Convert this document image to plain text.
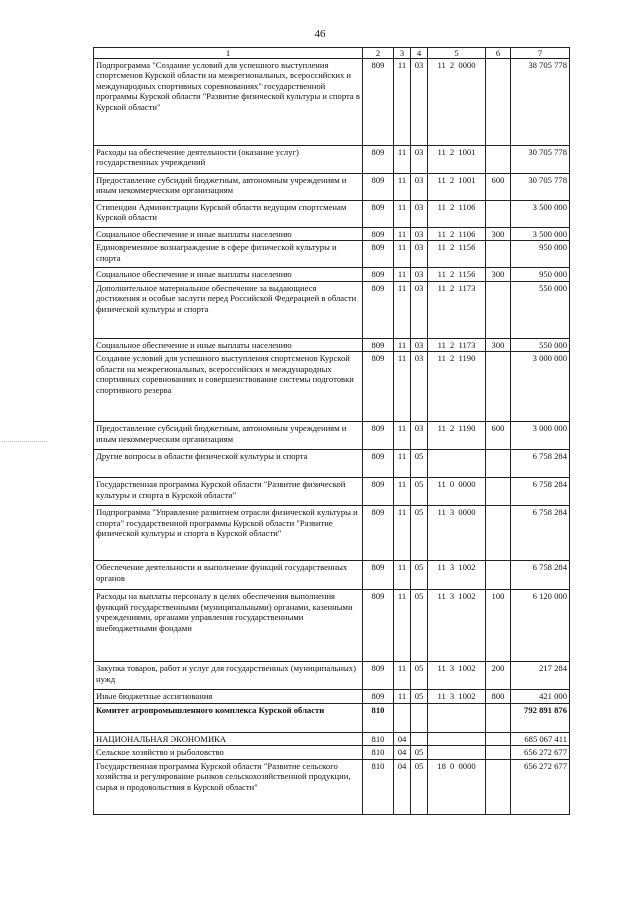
46
1	2	3	4	5	6	7
Подпрограмма "Создание условий для успешного выступления спортсменов Курской области на межрегиональных, всероссийских и международных спортивных соревнованиях" государственной программы Курской области "Развитие физической культуры и спорта в Курской области"	809	11	03	11 2 0000		38 705 778
Расходы на обеспечение деятельности (оказание услуг) государственных учреждений	809	11	03	11 2 1001		30 705 778
Предоставление субсидий бюджетным, автономным учреждениям и иным некоммерческим организациям	809	11	03	11 2 1001	600	30 705 778
Стипендии Администрации Курской области ведущим спортсменам Курской области	809	11	03	11 2 1106		3 500 000
Социальное обеспечение и иные выплаты населению	809	11	03	11 2 1106	300	3 500 000
Единовременное вознаграждение в сфере физической культуры и спорта	809	11	03	11 2 1156		950 000
Социальное обеспечение и иные выплаты населению	809	11	03	11 2 1156	300	950 000
Дополнительное материальное обеспечение за выдающиеся достижения и особые заслуги перед Российской Федерацией в области физической культуры и спорта	809	11	03	11 2 1173		550 000
Социальное обеспечение и иные выплаты населению	809	11	03	11 2 1173	300	550 000
Создание условий для успешного выступления спортсменов Курской области на межрегиональных, всероссийских и международных спортивных соревнованиях и совершенствование системы подготовки спортивного резерва	809	11	03	11 2 1190		3 000 000
Предоставление субсидий бюджетным, автономным учреждениям и иным некоммерческим организациям	809	11	03	11 2 1190	600	3 000 000
Другие вопросы в области физической культуры и спорта	809	11	05			6 758 284
Государственная программа Курской области "Развитие физической культуры и спорта в Курской области"	809	11	05	11 0 0000		6 758 284
Подпрограмма "Управление развитием отрасли физической культуры и спорта" государственной программы Курской области "Развитие физической культуры и спорта в Курской области"	809	11	05	11 3 0000		6 758 284
Обеспечение деятельности и выполнение функций государственных органов	809	11	05	11 3 1002		6 758 284
Расходы на выплаты персоналу в целях обеспечения выполнения функций государственными (муниципальными) органами, казенными учреждениями, органами управления государственными внебюджетными фондами	809	11	05	11 3 1002	100	6 120 000
Закупка товаров, работ и услуг для государственных (муниципальных) нужд	809	11	05	11 3 1002	200	217 284
Иные бюджетные ассигнования	809	11	05	11 3 1002	800	421 000
Комитет агропромышленного комплекса Курской области	810					792 891 876
НАЦИОНАЛЬНАЯ ЭКОНОМИКА	810	04				685 067 411
Сельское хозяйство и рыболовство	810	04	05			656 272 677
Государственная программа Курской области "Развитие сельского хозяйства и регулирование рынков сельскохозяйственной продукции, сырья и продовольствия в Курской области"	810	04	05	18 0 0000		656 272 677
